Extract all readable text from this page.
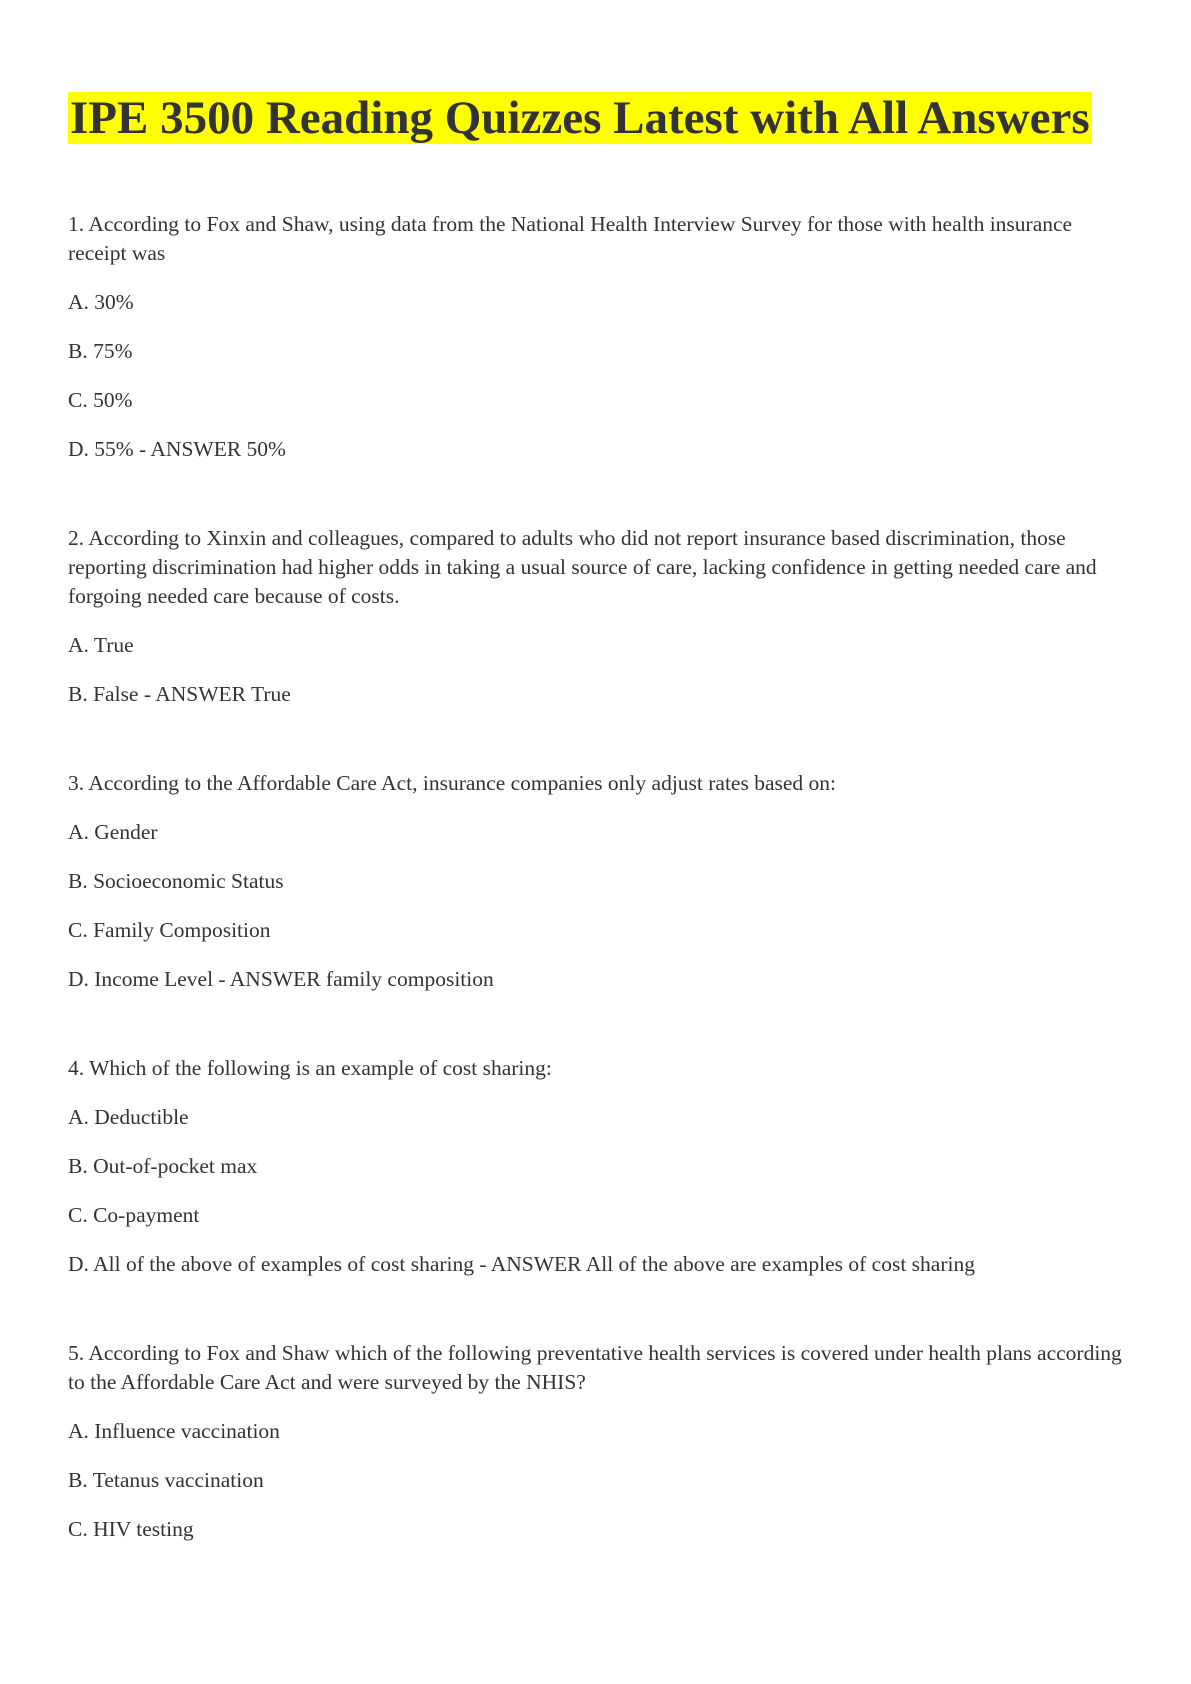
IPE 3500 Reading Quizzes Latest with All Answers

1. According to Fox and Shaw, using data from the National Health Interview Survey for those with health insurance receipt was

A. 30%

B. 75%

C. 50%

D. 55% - ANSWER 50%

2. According to Xinxin and colleagues, compared to adults who did not report insurance based discrimination, those reporting discrimination had higher odds in taking a usual source of care, lacking confidence in getting needed care and forgoing needed care because of costs.

A. True

B. False - ANSWER True

3. According to the Affordable Care Act, insurance companies only adjust rates based on:

A. Gender

B. Socioeconomic Status

C. Family Composition

D. Income Level - ANSWER family composition

4. Which of the following is an example of cost sharing:

A. Deductible

B. Out-of-pocket max

C. Co-payment

D. All of the above of examples of cost sharing - ANSWER All of the above are examples of cost sharing

5. According to Fox and Shaw which of the following preventative health services is covered under health plans according to the Affordable Care Act and were surveyed by the NHIS?

A. Influence vaccination

B. Tetanus vaccination

C. HIV testing
